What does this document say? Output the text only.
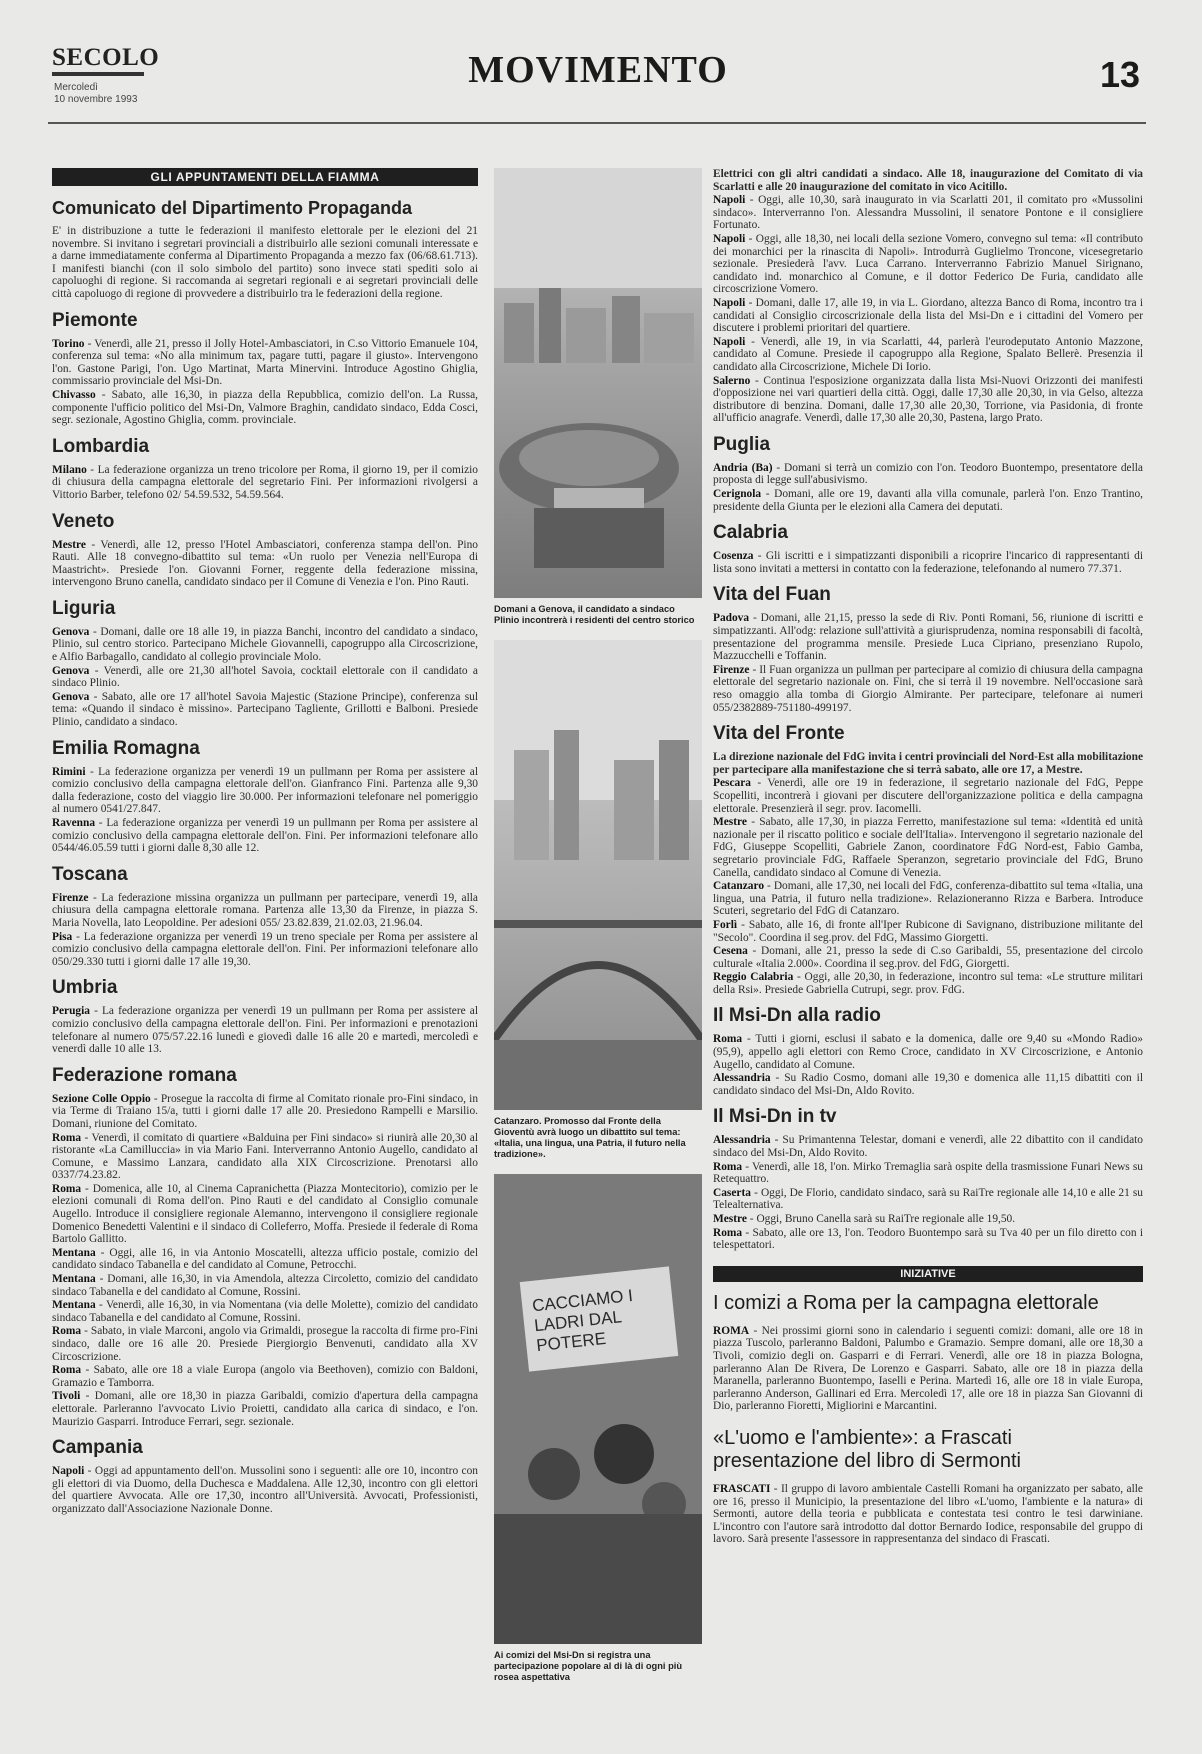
SECOLO
Mercoledì
10 novembre 1993
MOVIMENTO	13
GLI APPUNTAMENTI DELLA FIAMMA
Comunicato del Dipartimento Propaganda

E' in distribuzione a tutte le federazioni il manifesto elettorale per le elezioni del 21 novembre. Si invitano i segretari provinciali a distribuirlo alle sezioni comunali interessate e a darne immediatamente conferma al Dipartimento Propaganda a mezzo fax (06/68.61.713). I manifesti bianchi (con il solo simbolo del partito) sono invece stati spediti solo ai capoluoghi di regione. Si raccomanda ai segretari regionali e ai segretari provinciali delle città capoluogo di regione di provvedere a distribuirlo tra le federazioni della regione.

Piemonte

Torino - Venerdì, alle 21, presso il Jolly Hotel-Ambasciatori, in C.so Vittorio Emanuele 104, conferenza sul tema: «No alla minimum tax, pagare tutti, pagare il giusto». Intervengono l'on. Gastone Parigi, l'on. Ugo Martinat, Marta Minervini. Introduce Agostino Ghiglia, commissario provinciale del Msi-Dn.

Chivasso - Sabato, alle 16,30, in piazza della Repubblica, comizio dell'on. La Russa, componente l'ufficio politico del Msi-Dn, Valmore Braghin, candidato sindaco, Edda Cosci, segr. sezionale, Agostino Ghiglia, comm. provinciale.

Lombardia

Milano - La federazione organizza un treno tricolore per Roma, il giorno 19, per il comizio di chiusura della campagna elettorale del segretario Fini. Per informazioni rivolgersi a Vittorio Barber, telefono 02/ 54.59.532, 54.59.564.

Veneto

Mestre - Venerdì, alle 12, presso l'Hotel Ambasciatori, conferenza stampa dell'on. Pino Rauti. Alle 18 convegno-dibattito sul tema: «Un ruolo per Venezia nell'Europa di Maastricht». Presiede l'on. Giovanni Forner, reggente della federazione missina, intervengono Bruno canella, candidato sindaco per il Comune di Venezia e l'on. Pino Rauti.

Liguria

Genova - Domani, dalle ore 18 alle 19, in piazza Banchi, incontro del candidato a sindaco, Plinio, sul centro storico. Partecipano Michele Giovannelli, capogruppo alla Circoscrizione, e Alfio Barbagallo, candidato al collegio provinciale Molo.

Genova - Venerdì, alle ore 21,30 all'hotel Savoia, cocktail elettorale con il candidato a sindaco Plinio.

Genova - Sabato, alle ore 17 all'hotel Savoia Majestic (Stazione Principe), conferenza sul tema: «Quando il sindaco è missino». Partecipano Tagliente, Grillotti e Balboni. Presiede Plinio, candidato a sindaco.

Emilia Romagna

Rimini - La federazione organizza per venerdì 19 un pullmann per Roma per assistere al comizio conclusivo della campagna elettorale dell'on. Gianfranco Fini. Partenza alle 9,30 dalla federazione, costo del viaggio lire 30.000. Per informazioni telefonare nel pomeriggio al numero 0541/27.847.

Ravenna - La federazione organizza per venerdì 19 un pullmann per Roma per assistere al comizio conclusivo della campagna elettorale dell'on. Fini. Per informazioni telefonare allo 0544/46.05.59 tutti i giorni dalle 8,30 alle 12.

Toscana

Firenze - La federazione missina organizza un pullmann per partecipare, venerdì 19, alla chiusura della campagna elettorale romana. Partenza alle 13,30 da Firenze, in piazza S. Maria Novella, lato Leopoldine. Per adesioni 055/ 23.82.839, 21.02.03, 21.96.04.

Pisa - La federazione organizza per venerdì 19 un treno speciale per Roma per assistere al comizio conclusivo della campagna elettorale dell'on. Fini. Per informazioni telefonare allo 050/29.330 tutti i giorni dalle 17 alle 19,30.

Umbria

Perugia - La federazione organizza per venerdì 19 un pullmann per Roma per assistere al comizio conclusivo della campagna elettorale dell'on. Fini. Per informazioni e prenotazioni telefonare al numero 075/57.22.16 lunedì e giovedì dalle 16 alle 20 e martedì, mercoledì e venerdì dalle 10 alle 13.

Federazione romana

Sezione Colle Oppio - Prosegue la raccolta di firme al Comitato rionale pro-Fini sindaco, in via Terme di Traiano 15/a, tutti i giorni dalle 17 alle 20. Presiedono Rampelli e Marsilio. Domani, riunione del Comitato.

Roma - Venerdì, il comitato di quartiere «Balduina per Fini sindaco» si riunirà alle 20,30 al ristorante «La Camilluccia» in via Mario Fani. Interverranno Antonio Augello, candidato al Comune, e Massimo Lanzara, candidato alla XIX Circoscrizione. Prenotarsi allo 0337/74.23.82.

Roma - Domenica, alle 10, al Cinema Capranichetta (Piazza Montecitorio), comizio per le elezioni comunali di Roma dell'on. Pino Rauti e del candidato al Consiglio comunale Augello. Introduce il consigliere regionale Alemanno, intervengono il consigliere regionale Domenico Benedetti Valentini e il sindaco di Colleferro, Moffa. Presiede il federale di Roma Bartolo Gallitto.

Mentana - Oggi, alle 16, in via Antonio Moscatelli, altezza ufficio postale, comizio del candidato sindaco Tabanella e del candidato al Comune, Petrocchi.

Mentana - Domani, alle 16,30, in via Amendola, altezza Circoletto, comizio del candidato sindaco Tabanella e del candidato al Comune, Rossini.

Mentana - Venerdì, alle 16,30, in via Nomentana (via delle Molette), comizio del candidato sindaco Tabanella e del candidato al Comune, Rossini.

Roma - Sabato, in viale Marconi, angolo via Grimaldi, prosegue la raccolta di firme pro-Fini sindaco, dalle ore 16 alle 20. Presiede Piergiorgio Benvenuti, candidato alla XV Circoscrizione.

Roma - Sabato, alle ore 18 a viale Europa (angolo via Beethoven), comizio con Baldoni, Gramazio e Tamborra.

Tivoli - Domani, alle ore 18,30 in piazza Garibaldi, comizio d'apertura della campagna elettorale. Parleranno l'avvocato Livio Proietti, candidato alla carica di sindaco, e l'on. Maurizio Gasparri. Introduce Ferrari, segr. sezionale.

Campania

Napoli - Oggi ad appuntamento dell'on. Mussolini sono i seguenti: alle ore 10, incontro con gli elettori di via Duomo, della Duchesca e Maddalena. Alle 12,30, incontro con gli elettori del quartiere Avvocata. Alle ore 17,30, incontro all'Università. Avvocati, Professionisti, organizzato dall'Associazione Nazionale Donne.

Domani a Genova, il candidato a sindaco Plinio incontrerà i residenti del centro storico
Catanzaro. Promosso dal Fronte della Gioventù avrà luogo un dibattito sul tema: «Italia, una lingua, una Patria, il futuro nella tradizione».
CACCIAMO I LADRI DAL POTERE
Ai comizi del Msi-Dn si registra una partecipazione popolare al di là di ogni più rosea aspettativa

Elettrici con gli altri candidati a sindaco. Alle 18, inaugurazione del Comitato di via Scarlatti e alle 20 inaugurazione del comitato in vico Acitillo.

Napoli - Oggi, alle 10,30, sarà inaugurato in via Scarlatti 201, il comitato pro «Mussolini sindaco». Interverranno l'on. Alessandra Mussolini, il senatore Pontone e il consigliere Fortunato.

Napoli - Oggi, alle 18,30, nei locali della sezione Vomero, convegno sul tema: «Il contributo dei monarchici per la rinascita di Napoli». Introdurrà Guglielmo Troncone, vicesegretario sezionale. Presiederà l'avv. Luca Carrano. Interverranno Fabrizio Manuel Sirignano, candidato ind. monarchico al Comune, e il dottor Federico De Furia, candidato alle circoscrizione Vomero.

Napoli - Domani, dalle 17, alle 19, in via L. Giordano, altezza Banco di Roma, incontro tra i candidati al Consiglio circoscrizionale della lista del Msi-Dn e i cittadini del Vomero per discutere i problemi prioritari del quartiere.

Napoli - Venerdì, alle 19, in via Scarlatti, 44, parlerà l'eurodeputato Antonio Mazzone, candidato al Comune. Presiede il capogruppo alla Regione, Spalato Bellerè. Presenzia il candidato alla Circoscrizione, Michele Di Iorio.

Salerno - Continua l'esposizione organizzata dalla lista Msi-Nuovi Orizzonti dei manifesti d'opposizione nei vari quartieri della città. Oggi, dalle 17,30 alle 20,30, in via Gelso, altezza distributore di benzina. Domani, dalle 17,30 alle 20,30, Torrione, via Pasidonia, di fronte all'ufficio anagrafe. Venerdì, dalle 17,30 alle 20,30, Pastena, largo Prato.

Puglia

Andria (Ba) - Domani si terrà un comizio con l'on. Teodoro Buontempo, presentatore della proposta di legge sull'abusivismo.

Cerignola - Domani, alle ore 19, davanti alla villa comunale, parlerà l'on. Enzo Trantino, presidente della Giunta per le elezioni alla Camera dei deputati.

Calabria

Cosenza - Gli iscritti e i simpatizzanti disponibili a ricoprire l'incarico di rappresentanti di lista sono invitati a mettersi in contatto con la federazione, telefonando al numero 77.371.

Vita del Fuan

Padova - Domani, alle 21,15, presso la sede di Riv. Ponti Romani, 56, riunione di iscritti e simpatizzanti. All'odg: relazione sull'attività a giurisprudenza, nomina responsabili di facoltà, presentazione del programma mensile. Presiede Luca Cipriano, presenziano Rupolo, Mazzucchelli e Toffanin.

Firenze - Il Fuan organizza un pullman per partecipare al comizio di chiusura della campagna elettorale del segretario nazionale on. Fini, che si terrà il 19 novembre. Nell'occasione sarà reso omaggio alla tomba di Giorgio Almirante. Per partecipare, telefonare ai numeri 055/2382889-751180-499197.

Vita del Fronte

La direzione nazionale del FdG invita i centri provinciali del Nord-Est alla mobilitazione per partecipare alla manifestazione che si terrà sabato, alle ore 17, a Mestre.

Pescara - Venerdì, alle ore 19 in federazione, il segretario nazionale del FdG, Peppe Scopelliti, incontrerà i giovani per discutere dell'organizzazione politica e della campagna elettorale. Presenzierà il segr. prov. Iacomelli.

Mestre - Sabato, alle 17,30, in piazza Ferretto, manifestazione sul tema: «Identità ed unità nazionale per il riscatto politico e sociale dell'Italia». Intervengono il segretario nazionale del FdG, Giuseppe Scopelliti, Gabriele Zanon, coordinatore FdG Nord-est, Fabio Gamba, segretario provinciale FdG, Raffaele Speranzon, segretario provinciale del FdG, Bruno Canella, candidato sindaco al Comune di Venezia.

Catanzaro - Domani, alle 17,30, nei locali del FdG, conferenza-dibattito sul tema «Italia, una lingua, una Patria, il futuro nella tradizione». Relazioneranno Rizza e Barbera. Introduce Scuteri, segretario del FdG di Catanzaro.

Forlì - Sabato, alle 16, di fronte all'Iper Rubicone di Savignano, distribuzione militante del "Secolo". Coordina il seg.prov. del FdG, Massimo Giorgetti.

Cesena - Domani, alle 21, presso la sede di C.so Garibaldi, 55, presentazione del circolo culturale «Italia 2.000». Coordina il seg.prov. del FdG, Giorgetti.

Reggio Calabria - Oggi, alle 20,30, in federazione, incontro sul tema: «Le strutture militari della Rsi». Presiede Gabriella Cutrupi, segr. prov. FdG.

Il Msi-Dn alla radio

Roma - Tutti i giorni, esclusi il sabato e la domenica, dalle ore 9,40 su «Mondo Radio» (95,9), appello agli elettori con Remo Croce, candidato in XV Circoscrizione, e Antonio Augello, candidato al Comune.

Alessandria - Su Radio Cosmo, domani alle 19,30 e domenica alle 11,15 dibattiti con il candidato sindaco del Msi-Dn, Aldo Rovito.

Il Msi-Dn in tv

Alessandria - Su Primantenna Telestar, domani e venerdì, alle 22 dibattito con il candidato sindaco del Msi-Dn, Aldo Rovito.

Roma - Venerdì, alle 18, l'on. Mirko Tremaglia sarà ospite della trasmissione Funari News su Retequattro.

Caserta - Oggi, De Florio, candidato sindaco, sarà su RaiTre regionale alle 14,10 e alle 21 su Telealternativa.

Mestre - Oggi, Bruno Canella sarà su RaiTre regionale alle 19,50.

Roma - Sabato, alle ore 13, l'on. Teodoro Buontempo sarà su Tva 40 per un filo diretto con i telespettatori.

INIZIATIVE
I comizi a Roma per la campagna elettorale

ROMA - Nei prossimi giorni sono in calendario i seguenti comizi: domani, alle ore 18 in piazza Tuscolo, parleranno Baldoni, Palumbo e Gramazio. Sempre domani, alle ore 18,30 a Tivoli, comizio degli on. Gasparri e di Ferrari. Venerdì, alle ore 18 in piazza Bologna, parleranno Alan De Rivera, De Lorenzo e Gasparri. Sabato, alle ore 18 in piazza della Maranella, parleranno Buontempo, Iaselli e Perina. Martedì 16, alle ore 18 in viale Europa, parleranno Anderson, Gallinari ed Erra. Mercoledì 17, alle ore 18 in piazza San Giovanni di Dio, parleranno Fioretti, Migliorini e Marcantini.

«L'uomo e l'ambiente»: a Frascati presentazione del libro di Sermonti

FRASCATI - Il gruppo di lavoro ambientale Castelli Romani ha organizzato per sabato, alle ore 16, presso il Municipio, la presentazione del libro «L'uomo, l'ambiente e la natura» di Sermonti, autore della teoria e pubblicata e contestata tesi contro le tesi darwiniane. L'incontro con l'autore sarà introdotto dal dottor Bernardo Iodice, responsabile del gruppo di lavoro. Sarà presente l'assessore in rappresentanza del sindaco di Frascati.
